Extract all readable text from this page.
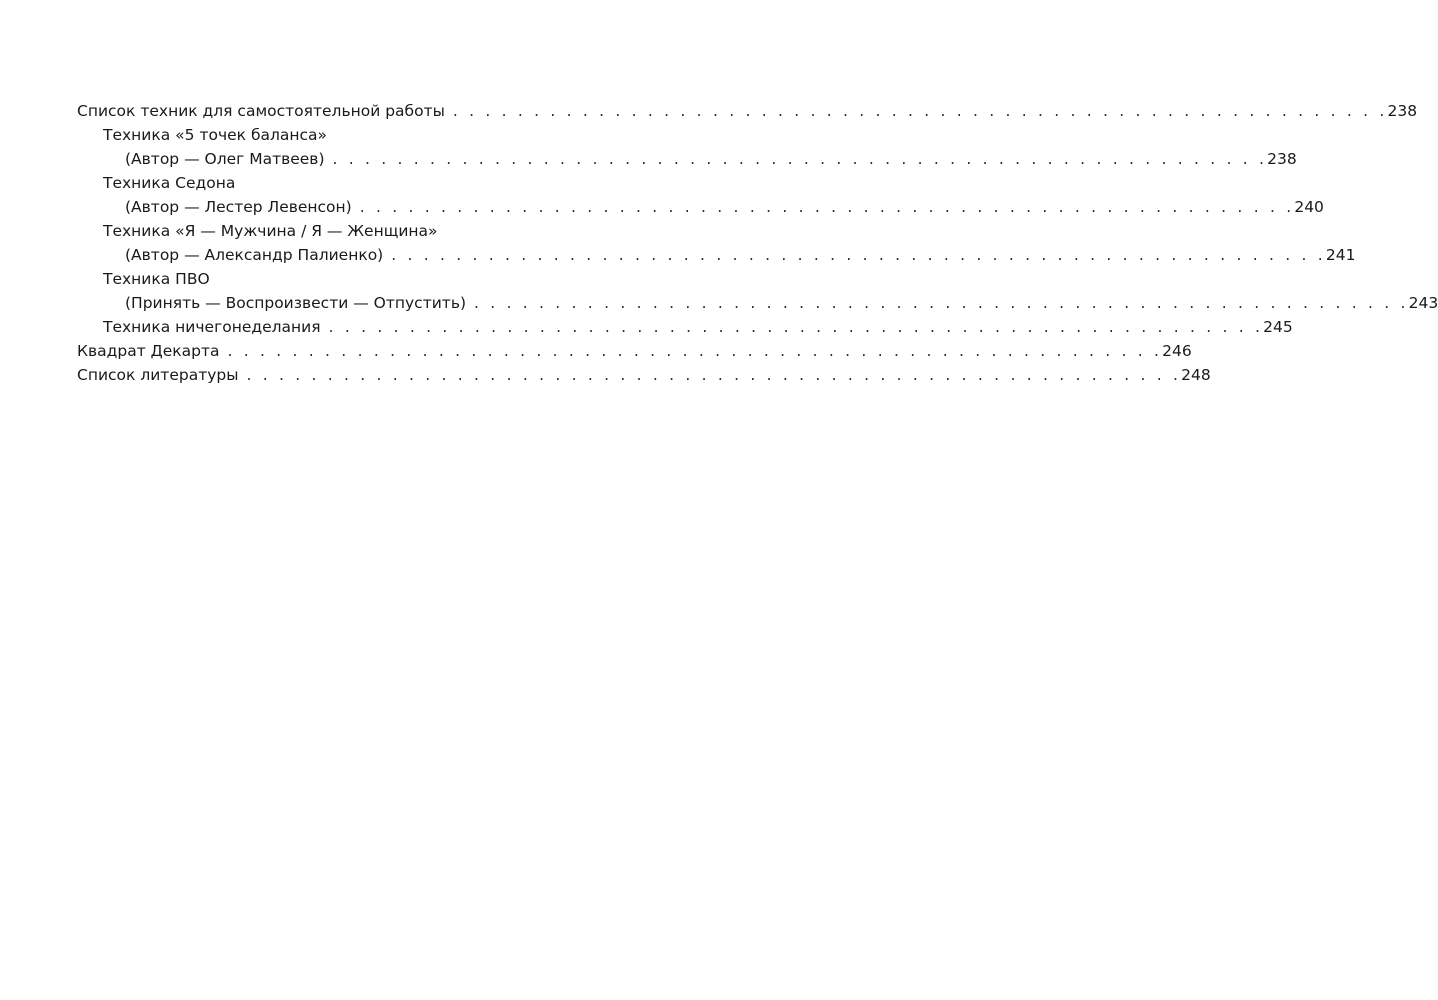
Список техник для самостоятельной работы . . . . . . . . . . . . . . . . . . . . . . . . . . . . . . . . . . . . . . . . . . . . . . . . . . . . . . . . . . 238
Техника «5 точек баланса»
(Автор — Олег Матвеев) . . . . . . . . . . . . . . . . . . . . . . . . . . . . . . . . . . . . . . . . . . . . . . . . . . . . . . . . . . 238
Техника Седона
(Автор — Лестер Левенсон) . . . . . . . . . . . . . . . . . . . . . . . . . . . . . . . . . . . . . . . . . . . . . . . . . . . . . . . . . . 240
Техника «Я — Мужчина / Я — Женщина»
(Автор — Александр Палиенко) . . . . . . . . . . . . . . . . . . . . . . . . . . . . . . . . . . . . . . . . . . . . . . . . . . . . . . . . . . 241
Техника ПВО
(Принять — Воспроизвести — Отпустить) . . . . . . . . . . . . . . . . . . . . . . . . . . . . . . . . . . . . . . . . . . . . . . . . . . . . . . . . . . 243
Техника ничегонеделания . . . . . . . . . . . . . . . . . . . . . . . . . . . . . . . . . . . . . . . . . . . . . . . . . . . . . . . . . . 245
Квадрат Декарта . . . . . . . . . . . . . . . . . . . . . . . . . . . . . . . . . . . . . . . . . . . . . . . . . . . . . . . . . . 246
Список литературы . . . . . . . . . . . . . . . . . . . . . . . . . . . . . . . . . . . . . . . . . . . . . . . . . . . . . . . . . . 248
